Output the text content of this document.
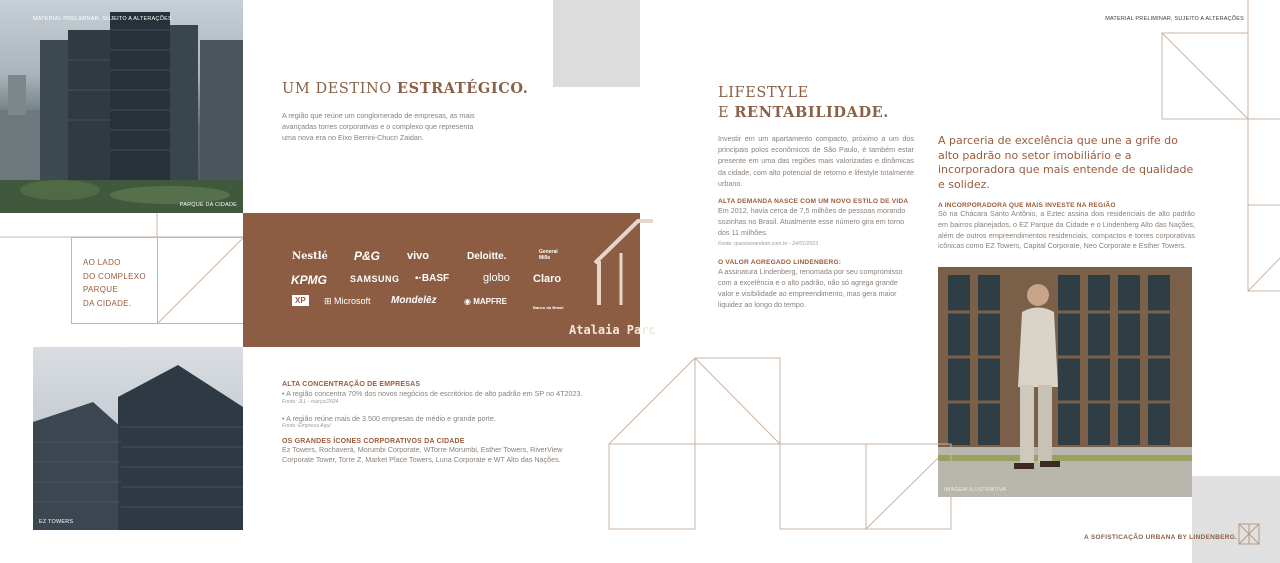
MATERIAL PRELIMINAR, SUJEITO A ALTERAÇÕES
PARQUE DA CIDADE
UM DESTINO ESTRATÉGICO.
A região que reúne um conglomerado de empresas, as mais avançadas torres corporativas e o complexo que representa uma nova era no Eixo Berrini-Chucri Zaidan.
AO LADO
DO COMPLEXO
PARQUE
DA CIDADE.
Nestlé P&G vivo	Deloitte.	General Mills
KPMG	SAMSUNG ▪·BASF	globo Claro
XP	⊞ Microsoft Mondelēz	◉ MAPFRE
Banco do Brasil
Atalaia Parc
EZ TOWERS
ALTA CONCENTRAÇÃO DE EMPRESAS
• A região concentra 70% dos novos negócios de escritórios de alto padrão em SP no 4T2023.
Fonte: JLL - março/2024
• A região reúne mais de 3.500 empresas de médio e grande porte.
Fonte: Empresa Aqui
OS GRANDES ÍCONES CORPORATIVOS DA CIDADE
Ez Towers, Rochaverá, Morumbi Corporate, WTorre Morumbi, Esther Towers, RiverView Corporate Tower, Torre Z, Market Place Towers, Luna Corporate e WT Alto das Nações.
MATERIAL PRELIMINAR, SUJEITO A ALTERAÇÕES
LIFESTYLE
E RENTABILIDADE.
Investir em um apartamento compacto, próximo a um dos principais polos econômicos de São Paulo, é também estar presente em uma das regiões mais valorizadas e dinâmicas da cidade, com alto potencial de retorno e lifestyle totalmente urbano.
ALTA DEMANDA NASCE COM UM NOVO ESTILO DE VIDA
Em 2012, havia cerca de 7,5 milhões de pessoas morando sozinhas no Brasil. Atualmente esse número gira em torno dos 11 milhões.
Fonte: questaorandom.com.br - 24/01/2023
O VALOR AGREGADO LINDENBERG:
A assinatura Lindenberg, renomada por seu compromisso com a excelência e o alto padrão, não só agrega grande valor e visibilidade ao empreendimento, mas gera maior liquidez ao longo do tempo.
A parceria de excelência que une a grife do alto padrão no setor imobiliário e a incorporadora que mais entende de qualidade e solidez.
A INCORPORADORA QUE MAIS INVESTE NA REGIÃO
Só na Chácara Santo Antônio, a Eztec assina dois residenciais de alto padrão em bairros planejados, o EZ Parque da Cidade e o Lindenberg Alto das Nações, além de outros empreendimentos residenciais, compactos e torres corporativas icônicas como EZ Towers, Capital Corporate, Neo Corporate e Esther Towers.
IMAGEM ILUSTRATIVA
A SOFISTICAÇÃO URBANA BY LINDENBERG.
